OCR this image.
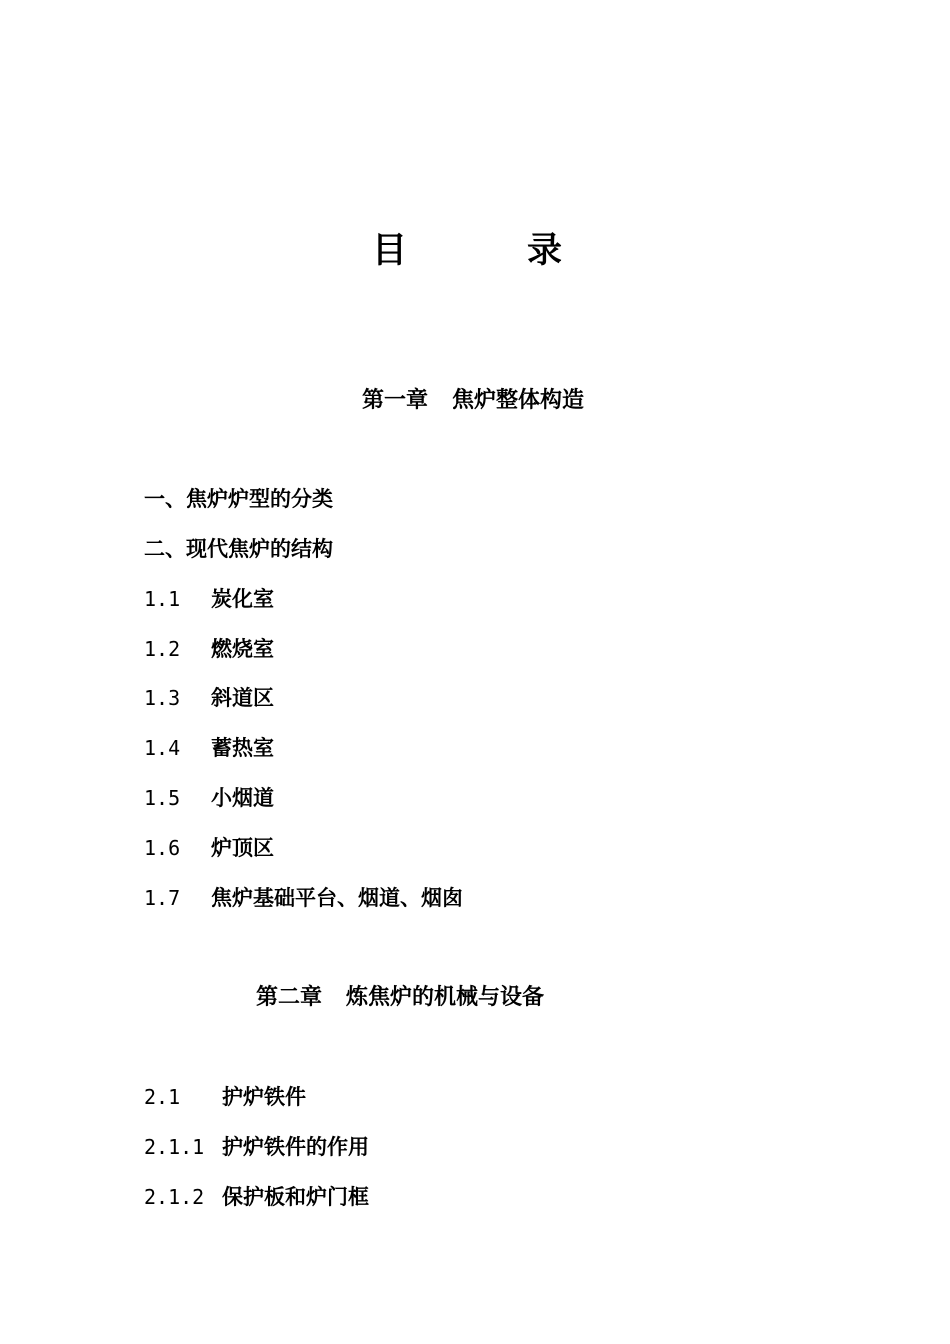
目	录
第一章 焦炉整体构造
一、焦炉炉型的分类
二、现代焦炉的结构
1.1 炭化室
1.2 燃烧室
1.3 斜道区
1.4 蓄热室
1.5 小烟道
1.6 炉顶区
1.7 焦炉基础平台、烟道、烟囱
第二章 炼焦炉的机械与设备
2.1 护炉铁件
2.1.1 护炉铁件的作用
2.1.2 保护板和炉门框
